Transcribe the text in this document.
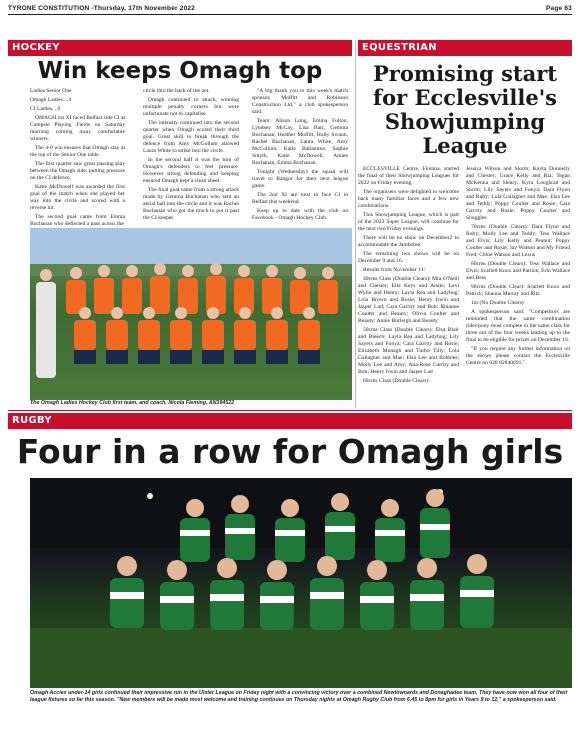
TYRONE CONSTITUTION -Thursday, 17th November 2022	Page 63
HOCKEY
Win keeps Omagh top

Ladies Senior One

Omagh Ladies....4

CI Ladies....0

OMAGH 1st XI faced Belfast side CI at Campsie Playing Fields on Saturday morning coming away comfortable winners.

The 4-0 win ensures that Omagh stay at the top of the Senior One table.

The first quarter saw great passing play between the Omagh side, putting pressure on the CI defence.

Katie McDowell was awarded the first goal of the match when she played her way into the circle and scored with a reverse hit.

The second goal came from Emma Buchanan who deflected a pass across the

circle into the back of the net.

Omagh continued to attack, winning multiple penalty corners but were unfortunate not to capitalise.

The intensity continued into the second quarter when Omagh scored their third goal. Great skill to break through the defence from Amy McGollum allowed Laura White to strike into the circle.

In the second half it was the turn of Omagh's defenders to feel pressure. However strong defending and keeping ensured Omagh kept a clean sheet.

The final goal came from a strong attack made by Gemma Buchanan who sent an aerial ball into the circle and it was Rachel Buchanan who got the touch to put it past the CI keeper.

"A big thank you to this week's match sponsor, Moffitt and Robinson Construction Ltd," a club spokesperson said.

Team: Alison Long, Emma Fulton, Lyndsey McCay, Lisa Barr, Gemma Buchanan, Heather Moffitt, Holly Swann, Rachel Buchanan, Laura White, Amy McCollum, Katie Ballantine, Sophie Smyth, Katie McDowell, Aimee Buchanan, Emma Buchanan.

Tonight (Wednesday) the squad will travel to Bangor for their next league game.

The 2nd XI are next to face CI in Belfast this weekend.

Keep up to date with the club on Facebook - Omagh Hockey Club.

The Omagh Ladies Hockey Club first team, and coach, Nicola Fleming. AN394522
EQUESTRIAN
Promising start for Ecclesville's Showjumping League

ECCLESVILLE Centre, Fintona, started the final of their Showjumping Leagues for 2022 on Friday evening.

The organisers were delighted to welcome back many familiar faces and a few new combinations.

This Showjumping League, which is part of the 2022 Super League, will continue for the next two Friday evenings.

There will be no show on December2 to accommodate the Jamboree.

The remaining two shows will be on December 9 and 16.

Results from November 11:

40cms Class (Double Clears): Mia O'Neill and Chester; Ella Keys and Annie; Lexi Wylie and Henry; Layla Rea and Ladybug; Lola Brown and Rosie; Henry Irwin and Jasper Lad; Cara Garrity and Bob; Rhianne Coulter and Beauty; Olivia Coulter and Beauty; Annie Burleigh and Beauty

50cms Class (Double Clears): Elsa Blair and Bleech; Layla Rea and Ladybug; Lily Sayers and Fonya; Cara Garrity and Rosie; Elizabeth Monagh and Turbo Tilly; Lola Gallagher and Mae; Elsa Lee and Bobbles; Molly Lee and Amy; Ana-Rose Garrity and Bob; Henry Irwin and Jasper Lad

60cms Class (Double Clears):

Jessica Wilson and Storm; Kayla Donnelly and Chester; Grace Kelly and Ria; Tegan McKenna and Henry; Kyra Loughran and Storm; Lily Sayers and Fonya; Dara Flynn and Ruby; Lola Gallagher and Mae; Elsa Lee and Teddy; Poppy Coulter and Rosie; Cara Garrity and Rosie; Poppy Coulter and Snuggles

70cms (Double Clears): Dara Flynn and Ruby; Molly Lee and Teddy; Tess Wallace and Elvis; Lily Kelly and Peanut; Poppy Coulter and Rosie; Jay Watson and My Friend Fred; Chloe Watson and Lexus

80cms (Double Clears): Tess Wallace and Elvis; Scarlett Knox and Patrick; Erin Wallace and Bess

90cms (Double Clear): Scarlett Knox and Patrick; Shauna Murray and Ritz

1m (No Double Clears)

A spokesperson said: "Competitors are reminded that the same combination rider/pony must compete in the same class for three out of the four weeks leading up to the final to be eligible for prizes on December 16.

"If you require any further information on the shows please contact the Ecclesville Centre on 028 82840691."

RUGBY
Four in a row for Omagh girls
Omagh Accies under-14 girls continued their impressive run in the Ulster League on Friday night with a convincing victory over a combined Newtownards and Donaghadee team. They have now won all four of their league fixtures so far this season. "New members will be made most welcome and training continues on Thursday nights at Omagh Rugby Club from 6.45 to 8pm for girls in Years 9 to 12," a spokesperson said.
